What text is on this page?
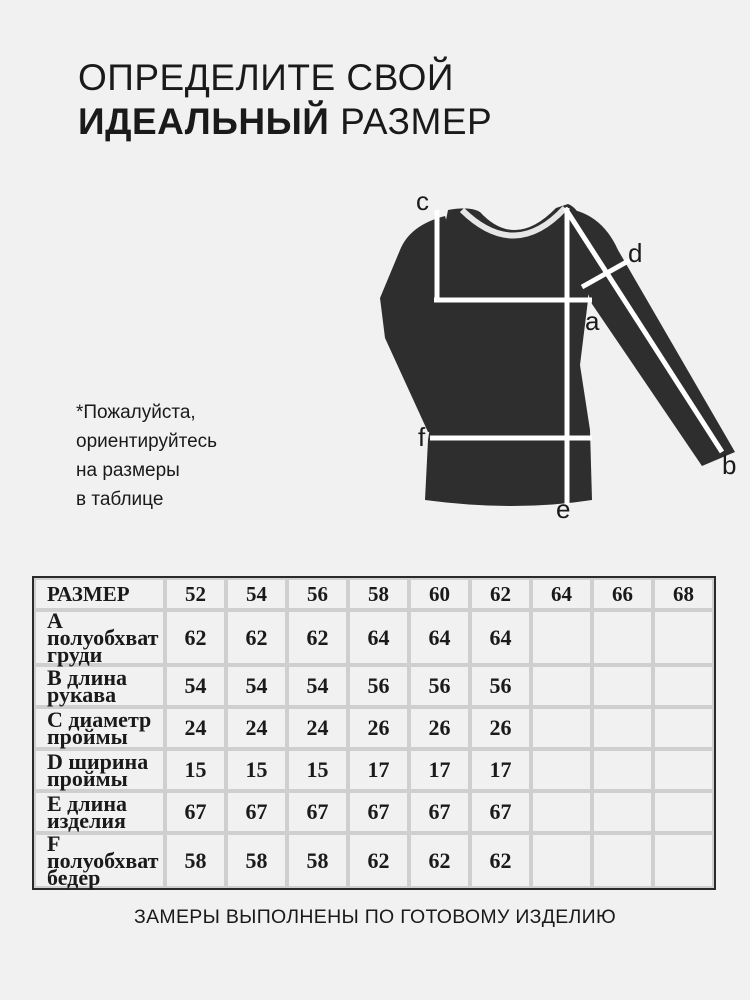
ОПРЕДЕЛИТЕ СВОЙ
ИДЕАЛЬНЫЙ РАЗМЕР
*Пожалуйста,
ориентируйтесь
на размеры
в таблице
c
d
a
f
b
e
РАЗМЕР	52	54	56	58	60	62	64	66	68
А полуобхват груди	62	62	62	64	64	64			
В длина рукава	54	54	54	56	56	56			
С диаметр проймы	24	24	24	26	26	26			
D ширина проймы	15	15	15	17	17	17			
E длина изделия	67	67	67	67	67	67			
F полуобхват бедер	58	58	58	62	62	62			
ЗАМЕРЫ ВЫПОЛНЕНЫ ПО ГОТОВОМУ ИЗДЕЛИЮ
